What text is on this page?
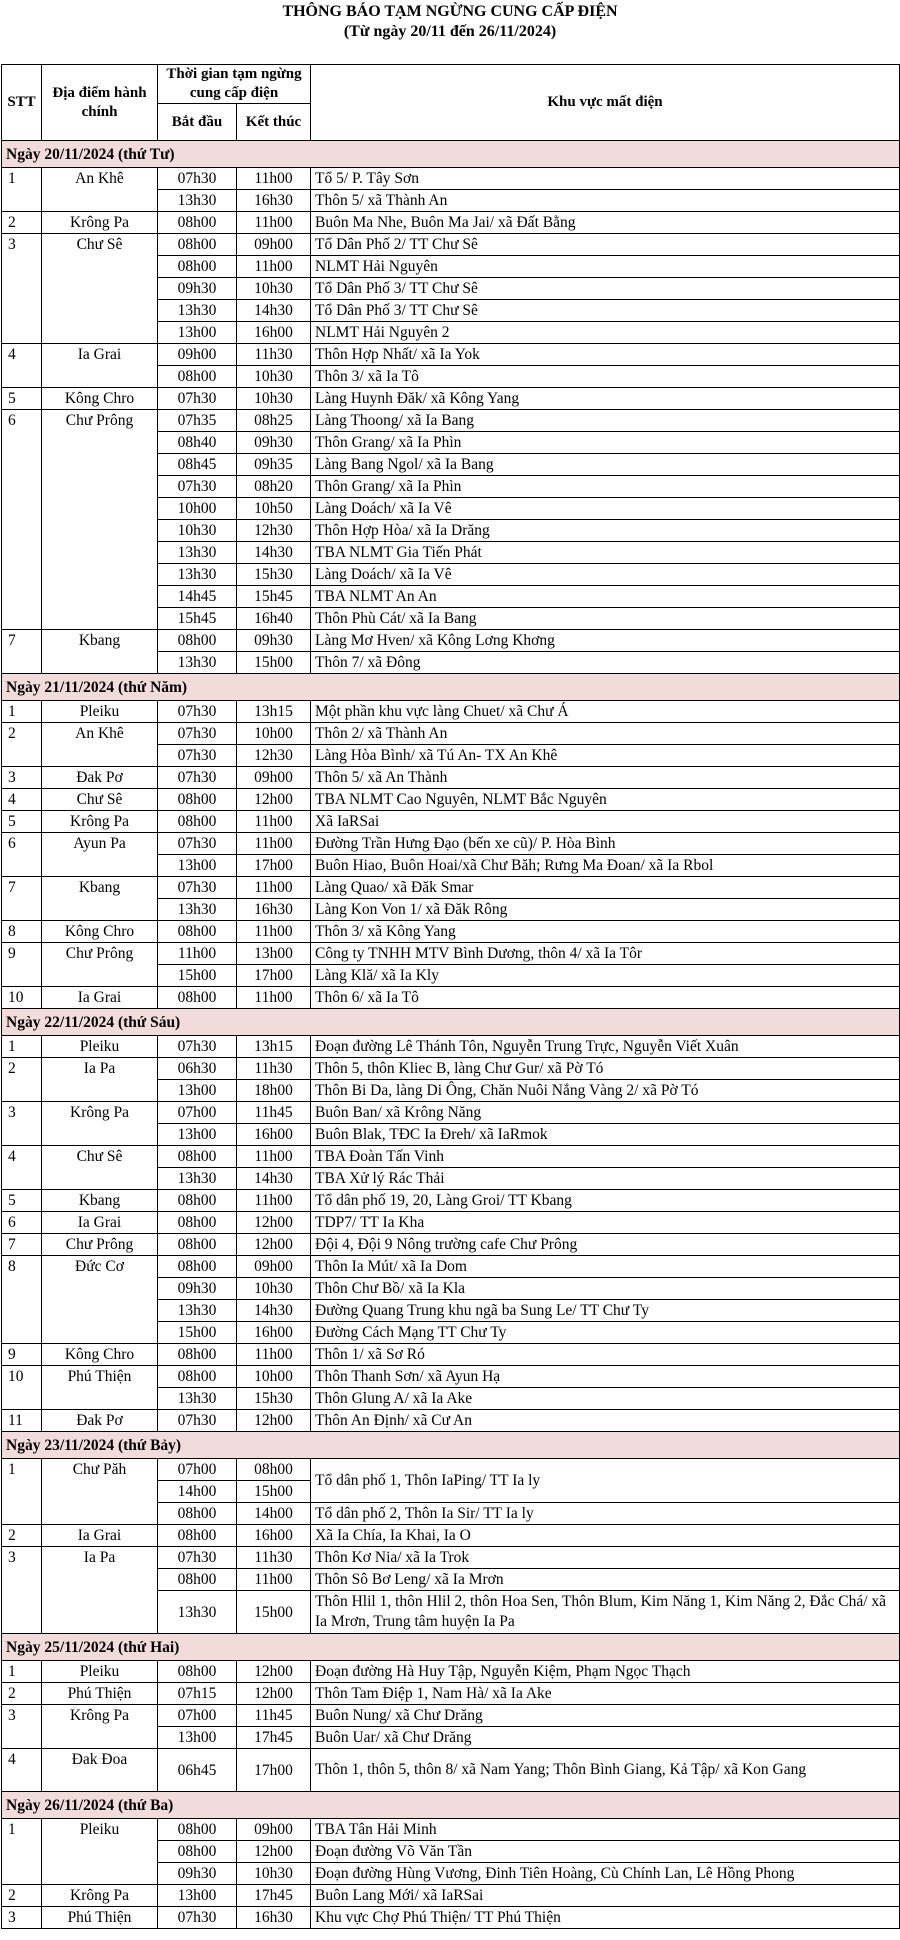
THÔNG BÁO TẠM NGỪNG CUNG CẤP ĐIỆN
(Từ ngày 20/11 đến 26/11/2024)
STT	Địa điểm hành chính	Thời gian tạm ngừng cung cấp điện		Khu vực mất điện
		Bắt đầu	Kết thúc	
Ngày 20/11/2024 (thứ Tư)				
1	An Khê	07h30	11h00	Tổ 5/ P. Tây Sơn
		13h30	16h30	Thôn 5/ xã Thành An
2	Krông Pa	08h00	11h00	Buôn Ma Nhe, Buôn Ma Jai/ xã Đất Bằng
3	Chư Sê	08h00	09h00	Tổ Dân Phố 2/ TT Chư Sê
		08h00	11h00	NLMT Hải Nguyên
		09h30	10h30	Tổ Dân Phố 3/ TT Chư Sê
		13h30	14h30	Tổ Dân Phố 3/ TT Chư Sê
		13h00	16h00	NLMT Hải Nguyên 2
4	Ia Grai	09h00	11h30	Thôn Hợp Nhất/ xã Ia Yok
		08h00	10h30	Thôn 3/ xã Ia Tô
5	Kông Chro	07h30	10h30	Làng Huynh Đăk/ xã Kông Yang
6	Chư Prông	07h35	08h25	Làng Thoong/ xã Ia Bang
		08h40	09h30	Thôn Grang/ xã Ia Phìn
		08h45	09h35	Làng Bang Ngol/ xã Ia Bang
		07h30	08h20	Thôn Grang/ xã Ia Phìn
		10h00	10h50	Làng Doách/ xã Ia Vê
		10h30	12h30	Thôn Hợp Hòa/ xã Ia Drăng
		13h30	14h30	TBA NLMT Gia Tiến Phát
		13h30	15h30	Làng Doách/ xã Ia Vê
		14h45	15h45	TBA NLMT An An
		15h45	16h40	Thôn Phù Cát/ xã Ia Bang
7	Kbang	08h00	09h30	Làng Mơ Hven/ xã Kông Lơng Khơng
		13h30	15h00	Thôn 7/ xã Đông
Ngày 21/11/2024 (thứ Năm)				
1	Pleiku	07h30	13h15	Một phần khu vực làng Chuet/ xã Chư Á
2	An Khê	07h30	10h00	Thôn 2/ xã Thành An
		07h30	12h30	Làng Hòa Bình/ xã Tú An- TX An Khê
3	Đak Pơ	07h30	09h00	Thôn 5/ xã An Thành
4	Chư Sê	08h00	12h00	TBA NLMT Cao Nguyên, NLMT Bắc Nguyên
5	Krông Pa	08h00	11h00	Xã IaRSai
6	Ayun Pa	07h30	11h00	Đường Trần Hưng Đạo (bến xe cũ)/ P. Hòa Bình
		13h00	17h00	Buôn Hiao, Buôn Hoai/xã Chư Băh; Rưng Ma Đoan/ xã Ia Rbol
7	Kbang	07h30	11h00	Làng Quao/ xã Đăk Smar
		13h30	16h30	Làng Kon Von 1/ xã Đăk Rông
8	Kông Chro	08h00	11h00	Thôn 3/ xã Kông Yang
9	Chư Prông	11h00	13h00	Công ty TNHH MTV Bình Dương, thôn 4/ xã Ia Tôr
		15h00	17h00	Làng Klă/ xã Ia Kly
10	Ia Grai	08h00	11h00	Thôn 6/ xã Ia Tô
Ngày 22/11/2024 (thứ Sáu)				
1	Pleiku	07h30	13h15	Đoạn đường Lê Thánh Tôn, Nguyễn Trung Trực, Nguyễn Viết Xuân
2	Ia Pa	06h30	11h30	Thôn 5, thôn Kliec B, làng Chư Gur/ xã Pờ Tó
		13h00	18h00	Thôn Bi Da, làng Di Ông, Chăn Nuôi Nắng Vàng 2/ xã Pờ Tó
3	Krông Pa	07h00	11h45	Buôn Ban/ xã Krông Năng
		13h00	16h00	Buôn Blak, TĐC Ia Đreh/ xã IaRmok
4	Chư Sê	08h00	11h00	TBA Đoàn Tấn Vinh
		13h30	14h30	TBA Xử lý Rác Thải
5	Kbang	08h00	11h00	Tổ dân phố 19, 20, Làng Groi/ TT Kbang
6	Ia Grai	08h00	12h00	TDP7/ TT Ia Kha
7	Chư Prông	08h00	12h00	Đội 4, Đội 9 Nông trường cafe Chư Prông
8	Đức Cơ	08h00	09h00	Thôn Ia Mút/ xã Ia Dom
		09h30	10h30	Thôn Chư Bồ/ xã Ia Kla
		13h30	14h30	Đường Quang Trung khu ngã ba Sung Le/ TT Chư Ty
		15h00	16h00	Đường Cách Mạng TT Chư Ty
9	Kông Chro	08h00	11h00	Thôn 1/ xã Sơ Ró
10	Phú Thiện	08h00	10h00	Thôn Thanh Sơn/ xã Ayun Hạ
		13h30	15h30	Thôn Glung A/ xã Ia Ake
11	Đak Pơ	07h30	12h00	Thôn An Định/ xã Cư An
Ngày 23/11/2024 (thứ Bảy)				
1	Chư Păh	07h00	08h00	Tổ dân phố 1, Thôn IaPing/ TT Ia ly
		14h00	15h00	
		08h00	14h00	Tổ dân phố 2, Thôn Ia Sir/ TT Ia ly
2	Ia Grai	08h00	16h00	Xã Ia Chía, Ia Khai, Ia O
3	Ia Pa	07h30	11h30	Thôn Kơ Nia/ xã Ia Trok
		08h00	11h00	Thôn Sô Bơ Leng/ xã Ia Mrơn
		13h30	15h00	Thôn Hlil 1, thôn Hlil 2, thôn Hoa Sen, Thôn Blum, Kim Năng 1, Kim Năng 2, Đắc Chá/ xã Ia Mrơn, Trung tâm huyện Ia Pa
Ngày 25/11/2024 (thứ Hai)				
1	Pleiku	08h00	12h00	Đoạn đường Hà Huy Tập, Nguyễn Kiệm, Phạm Ngọc Thạch
2	Phú Thiện	07h15	12h00	Thôn Tam Điệp 1, Nam Hà/ xã Ia Ake
3	Krông Pa	07h00	11h45	Buôn Nung/ xã Chư Drăng
		13h00	17h45	Buôn Uar/ xã Chư Drăng
4	Đak Đoa	06h45	17h00	Thôn 1, thôn 5, thôn 8/ xã Nam Yang; Thôn Bình Giang, Kả Tập/ xã Kon Gang
Ngày 26/11/2024 (thứ Ba)				
1	Pleiku	08h00	09h00	TBA Tân Hải Minh
		08h00	12h00	Đoạn đường Võ Văn Tần
		09h30	10h30	Đoạn đường Hùng Vương, Đinh Tiên Hoàng, Cù Chính Lan, Lê Hồng Phong
2	Krông Pa	13h00	17h45	Buôn Lang Mới/ xã IaRSai
3	Phú Thiện	07h30	16h30	Khu vực Chợ Phú Thiện/ TT Phú Thiện
